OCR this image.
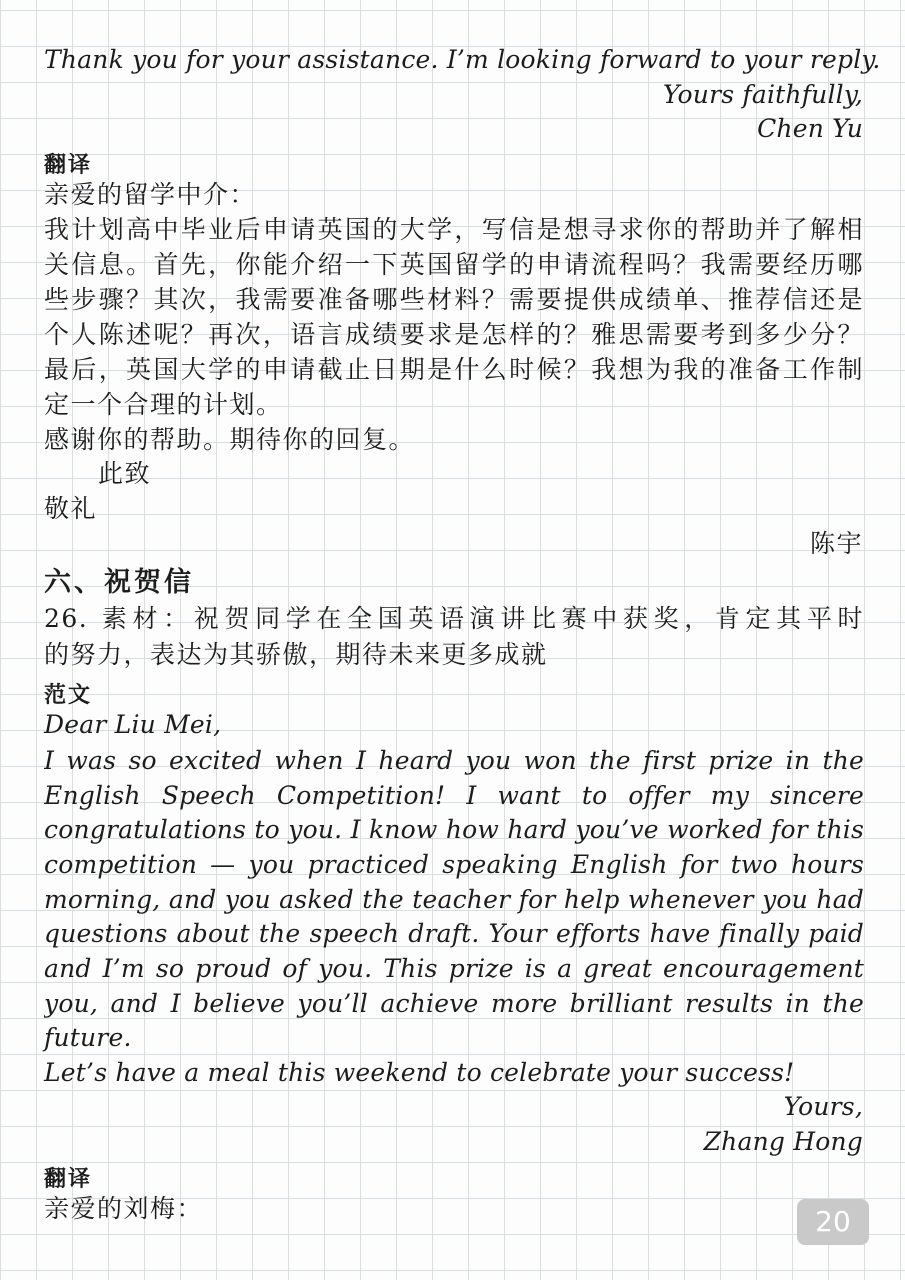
Thank you for your assistance. I’m looking forward to your reply.
Yours faithfully,
Chen Yu
翻译
亲爱的留学中介：
我计划高中毕业后申请英国的大学，写信是想寻求你的帮助并了解相
关信息。首先，你能介绍一下英国留学的申请流程吗？我需要经历哪
些步骤？其次，我需要准备哪些材料？需要提供成绩单、推荐信还是
个人陈述呢？再次，语言成绩要求是怎样的？雅思需要考到多少分？
最后，英国大学的申请截止日期是什么时候？我想为我的准备工作制
定一个合理的计划。
感谢你的帮助。期待你的回复。
此致
敬礼
陈宇
六、祝贺信
26. 素材：祝贺同学在全国英语演讲比赛中获奖，肯定其平时
的努力，表达为其骄傲，期待未来更多成就
范文
Dear Liu Mei,
I was so excited when I heard you won the first prize in the
English Speech Competition! I want to offer my sincere
congratulations to you. I know how hard you’ve worked for this
competition — you practiced speaking English for two hours
morning, and you asked the teacher for help whenever you had
questions about the speech draft. Your efforts have finally paid
and I’m so proud of you. This prize is a great encouragement
you, and I believe you’ll achieve more brilliant results in the
future.
Let’s have a meal this weekend to celebrate your success!
Yours,
Zhang Hong
翻译
亲爱的刘梅：	20
